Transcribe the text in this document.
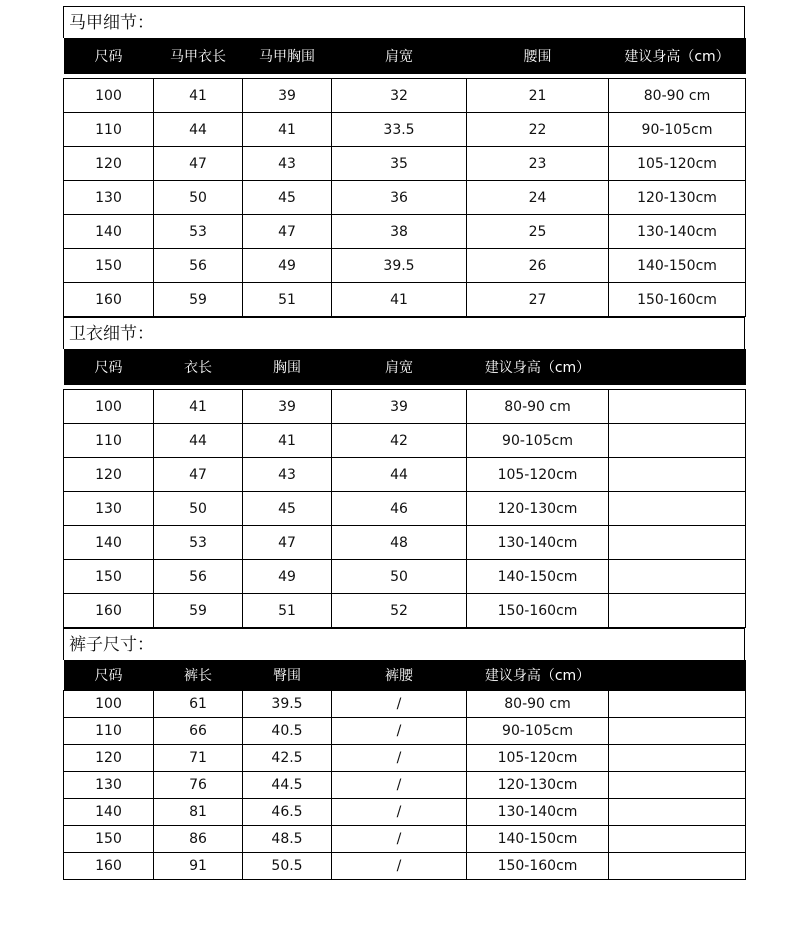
马甲细节：
尺码	马甲衣长	马甲胸围	肩宽	腰围	建议身高（cm）

100	41	39	32	21	80-90 cm
110	44	41	33.5	22	90-105cm
120	47	43	35	23	105-120cm
130	50	45	36	24	120-130cm
140	53	47	38	25	130-140cm
150	56	49	39.5	26	140-150cm
160	59	51	41	27	150-160cm
卫衣细节：
尺码	衣长	胸围	肩宽	建议身高（cm）	

100	41	39	39	80-90 cm	
110	44	41	42	90-105cm	
120	47	43	44	105-120cm	
130	50	45	46	120-130cm	
140	53	47	48	130-140cm	
150	56	49	50	140-150cm	
160	59	51	52	150-160cm	
裤子尺寸：
尺码	裤长	臀围	裤腰	建议身高（cm）	
100	61	39.5	/	80-90 cm	
110	66	40.5	/	90-105cm	
120	71	42.5	/	105-120cm	
130	76	44.5	/	120-130cm	
140	81	46.5	/	130-140cm	
150	86	48.5	/	140-150cm	
160	91	50.5	/	150-160cm	
